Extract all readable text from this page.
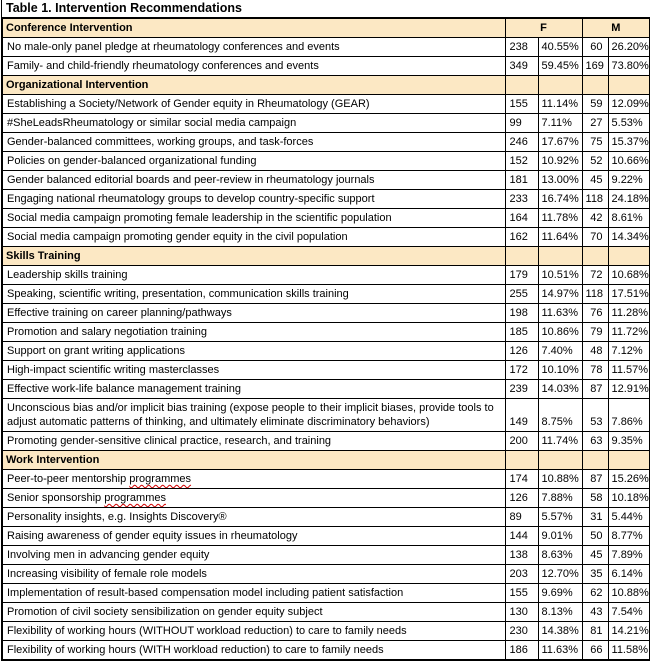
Table 1. Intervention Recommendations
Conference Intervention	F		M	
No male-only panel pledge at rheumatology conferences and events	238	40.55%	60	26.20%
Family- and child-friendly rheumatology conferences and events	349	59.45%	169	73.80%
Organizational Intervention				
Establishing a Society/Network of Gender equity in Rheumatology (GEAR)	155	11.14%	59	12.09%
#SheLeadsRheumatology or similar social media campaign	99	7.11%	27	5.53%
Gender-balanced committees, working groups, and task-forces	246	17.67%	75	15.37%
Policies on gender-balanced organizational funding	152	10.92%	52	10.66%
Gender balanced editorial boards and peer-review in rheumatology journals	181	13.00%	45	9.22%
Engaging national rheumatology groups to develop country-specific support	233	16.74%	118	24.18%
Social media campaign promoting female leadership in the scientific population	164	11.78%	42	8.61%
Social media campaign promoting gender equity in the civil population	162	11.64%	70	14.34%
Skills Training				
Leadership skills training	179	10.51%	72	10.68%
Speaking, scientific writing, presentation, communication skills training	255	14.97%	118	17.51%
Effective training on career planning/pathways	198	11.63%	76	11.28%
Promotion and salary negotiation training	185	10.86%	79	11.72%
Support on grant writing applications	126	7.40%	48	7.12%
High-impact scientific writing masterclasses	172	10.10%	78	11.57%
Effective work-life balance management training	239	14.03%	87	12.91%
Unconscious bias and/or implicit bias training (expose people to their implicit biases, provide tools to adjust automatic patterns of thinking, and ultimately eliminate discriminatory behaviors)	149	8.75%	53	7.86%
Promoting gender-sensitive clinical practice, research, and training	200	11.74%	63	9.35%
Work Intervention				
Peer-to-peer mentorship programmes	174	10.88%	87	15.26%
Senior sponsorship programmes	126	7.88%	58	10.18%
Personality insights, e.g. Insights Discovery®	89	5.57%	31	5.44%
Raising awareness of gender equity issues in rheumatology	144	9.01%	50	8.77%
Involving men in advancing gender equity	138	8.63%	45	7.89%
Increasing visibility of female role models	203	12.70%	35	6.14%
Implementation of result-based compensation model including patient satisfaction	155	9.69%	62	10.88%
Promotion of civil society sensibilization on gender equity subject	130	8.13%	43	7.54%
Flexibility of working hours (WITHOUT workload reduction) to care to family needs	230	14.38%	81	14.21%
Flexibility of working hours (WITH workload reduction) to care to family needs	186	11.63%	66	11.58%
